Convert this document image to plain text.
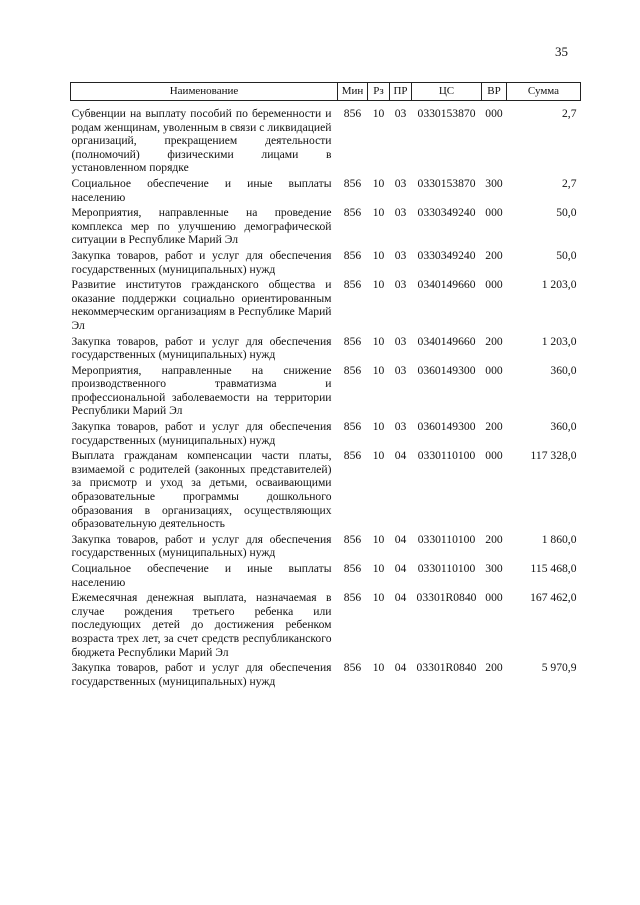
35
Наименование	Мин	Рз	ПР	ЦС	ВР	Сумма
Субвенции на выплату пособий по беременности и родам женщинам, уволенным в связи с ликвидацией организаций, прекращением деятельности (полномочий) физическими лицами в установленном порядке	856	10	03	0330153870	000	2,7
Социальное обеспечение и иные выплаты населению	856	10	03	0330153870	300	2,7
Мероприятия, направленные на проведение комплекса мер по улучшению демографической ситуации в Республике Марий Эл	856	10	03	0330349240	000	50,0
Закупка товаров, работ и услуг для обеспечения государственных (муниципальных) нужд	856	10	03	0330349240	200	50,0
Развитие институтов гражданского общества и оказание поддержки социально ориентированным некоммерческим организациям в Республике Марий Эл	856	10	03	0340149660	000	1 203,0
Закупка товаров, работ и услуг для обеспечения государственных (муниципальных) нужд	856	10	03	0340149660	200	1 203,0
Мероприятия, направленные на снижение производственного травматизма и профессиональной заболеваемости на территории Республики Марий Эл	856	10	03	0360149300	000	360,0
Закупка товаров, работ и услуг для обеспечения государственных (муниципальных) нужд	856	10	03	0360149300	200	360,0
Выплата гражданам компенсации части платы, взимаемой с родителей (законных представителей) за присмотр и уход за детьми, осваивающими образовательные программы дошкольного образования в организациях, осуществляющих образовательную деятельность	856	10	04	0330110100	000	117 328,0
Закупка товаров, работ и услуг для обеспечения государственных (муниципальных) нужд	856	10	04	0330110100	200	1 860,0
Социальное обеспечение и иные выплаты населению	856	10	04	0330110100	300	115 468,0
Ежемесячная денежная выплата, назначаемая в случае рождения третьего ребенка или последующих детей до достижения ребенком возраста трех лет, за счет средств республиканского бюджета Республики Марий Эл	856	10	04	03301R0840	000	167 462,0
Закупка товаров, работ и услуг для обеспечения государственных (муниципальных) нужд	856	10	04	03301R0840	200	5 970,9
